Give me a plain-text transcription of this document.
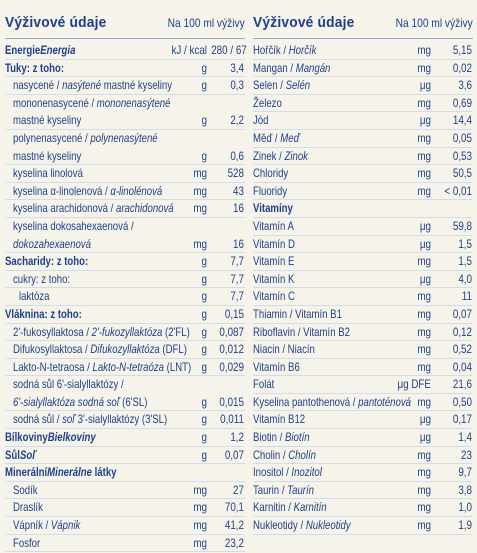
Výživové údaje	Na 100 ml výživy
EnergieEnergia	kJ / kcal 280 / 67
Tuky: z toho:	g	3,4
nasycené / nasýtené mastné kyseliny	g	0,3
mononenasycené / mononenasýtené
mastné kyseliny	g	2,2
polynenasycené / polynenasýtené
mastné kyseliny	g	0,6
kyselina linolová	mg	528
kyselina α-linolenová / α-linolénová	mg	43
kyselina arachidonová / arachidonová	mg	16
kyselina dokosahexaenová /
dokozahexaenová	mg	16
Sacharidy: z toho:	g	7,7
cukry: z toho:	g	7,7
laktóza	g	7,7
Vláknina: z toho:	g	0,15
2'-fukosyllaktosa / 2'-fukozyllaktóza (2'FL) g	0,087
Difukosyllaktosa / Difukozyllaktóza (DFL)	g	0,012
Lakto-N-tetraosa / Lakto-N-tetraóza (LNT) g	0,029
sodná sůl 6'-sialyllaktózy /
6'-sialyllaktóza sodná soľ (6'SL)	g	0,015
sodná sůl / soľ 3'-sialyllaktózy (3'SL)	g	0,011
BílkovinyBielkoviny	g	1,2
SůlSoľ	g	0,07
MinerálníMinerálne látky
Sodík	mg	27
Draslík	mg	70,1
Vápník / Vápnik	mg	41,2
Fosfor	mg	23,2
Výživové údaje	Na 100 ml výživy
Hořčík / Horčík	mg	5,15
Mangan / Mangán	mg	0,02
Selen / Selén	μg	3,6
Železo	mg	0,69
Jód	μg	14,4
Měď / Meď	mg	0,05
Zinek / Zinok	mg	0,53
Chloridy	mg	50,5
Fluoridy	mg	< 0,01
Vitamíny
Vitamín A	μg	59,8
Vitamín D	μg	1,5
Vitamín E	mg	1,5
Vitamín K	μg	4,0
Vitamín C	mg	11
Thiamin / Vitamín B1	mg	0,07
Riboflavin / Vitamín B2	mg	0,12
Niacin / Niacín	mg	0,52
Vitamín B6	mg	0,04
Folát	μg DFE	21,6
Kyselina pantothenová / pantoténová mg	0,50
Vitamín B12	μg	0,17
Biotin / Biotín	μg	1,4
Cholin / Cholín	mg	23
Inositol / Inozitol	mg	9,7
Taurin / Taurín	mg	3,8
Karnitin / Karnitín	mg	1,0
Nukleotidy / Nukleotidy	mg	1,9
